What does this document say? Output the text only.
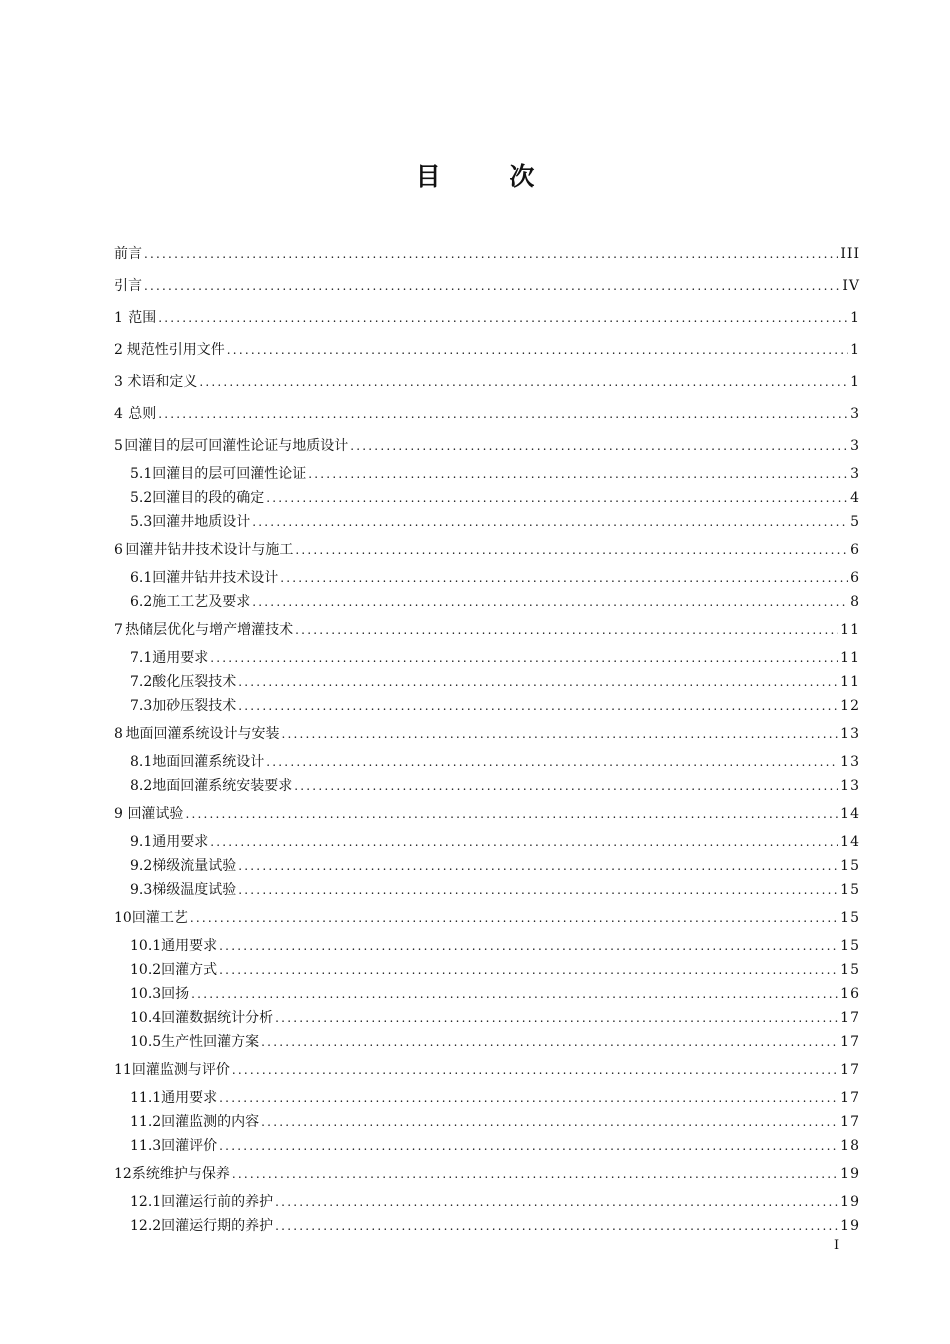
目 次
前言 .....	III
引言 .....	IV
1 范围 .....	1
2 规范性引用文件 .....	1
3 术语和定义 .....	1
4 总则 .....	3
5 回灌目的层可回灌性论证与地质设计 .....	3
5.1 回灌目的层可回灌性论证 .....	3
5.2 回灌目的段的确定 .....	4
5.3 回灌井地质设计 .....	5
6 回灌井钻井技术设计与施工 .....	6
6.1 回灌井钻井技术设计 .....	6
6.2 施工工艺及要求 .....	8
7 热储层优化与增产增灌技术 .....	11
7.1 通用要求 .....	11
7.2 酸化压裂技术 .....	11
7.3 加砂压裂技术 .....	12
8 地面回灌系统设计与安装 .....	13
8.1 地面回灌系统设计 .....	13
8.2 地面回灌系统安装要求 .....	13
9 回灌试验 .....	14
9.1 通用要求 .....	14
9.2 梯级流量试验 .....	15
9.3 梯级温度试验 .....	15
10 回灌工艺 .....	15
10.1 通用要求 .....	15
10.2 回灌方式 .....	15
10.3 回扬 .....	16
10.4 回灌数据统计分析 .....	17
10.5 生产性回灌方案 .....	17
11 回灌监测与评价 .....	17
11.1 通用要求 .....	17
11.2 回灌监测的内容 .....	17
11.3 回灌评价 .....	18
12 系统维护与保养 .....	19
12.1 回灌运行前的养护 .....	19
12.2 回灌运行期的养护 .....	19
I
